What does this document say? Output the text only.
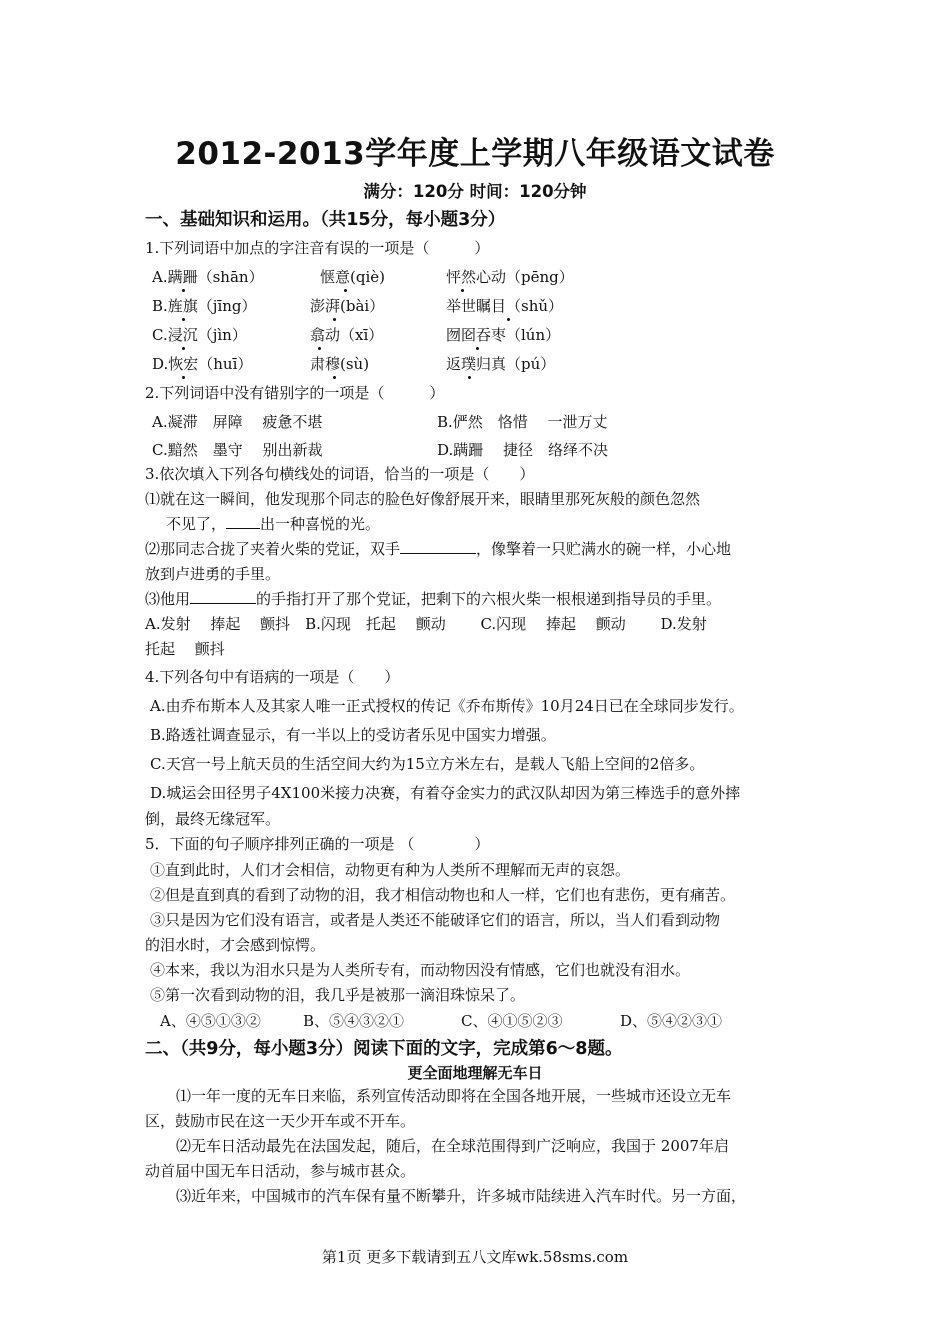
2012-2013学年度上学期八年级语文试卷
满分：120分 时间：120分钟
一、基础知识和运用。（共15分，每小题3分）
1.下列词语中加点的字注音有误的一项是（　　　）
A.蹒跚（shān）	惬意(qiè)	怦然心动（pēng）
B.旌旗（jīng）	澎湃(bài）	举世瞩目（shǔ）
C.浸沉（jìn）	翕动（xī）	囫囵吞枣（lún）
D.恢宏（huī）	肃穆(sù)	返璞归真（pú）
2.下列词语中没有错别字的一项是（　　　）
A.凝滞　屏障　 疲惫不堪	B.俨然　恪惜　 一泄万丈
C.黯然　墨守　 别出新裁	D.蹒跚　 捷径　络绎不决
3.依次填入下列各句横线处的词语，恰当的一项是（　　）
⑴就在这一瞬间，他发现那个同志的脸色好像舒展开来，眼睛里那死灰般的颜色忽然
不见了， 出一种喜悦的光。
⑵那同志合拢了夹着火柴的党证，双手	，像擎着一只贮满水的碗一样，小心地
放到卢进勇的手里。
⑶他用	的手指打开了那个党证，把剩下的六根火柴一根根递到指导员的手里。
A.发射　 捧起　 颤抖　B.闪现　托起　 颤动　　 C.闪现　 捧起　 颤动　　 D.发射
托起　 颤抖
4.下列各句中有语病的一项是（　　）
A.由乔布斯本人及其家人唯一正式授权的传记《乔布斯传》10月24日已在全球同步发行。
B.路透社调查显示，有一半以上的受访者乐见中国实力增强。
C.天宫一号上航天员的生活空间大约为15立方米左右，是载人飞船上空间的2倍多。
D.城运会田径男子4X100米接力决赛，有着夺金实力的武汉队却因为第三棒选手的意外摔
倒，最终无缘冠军。
5．下面的句子顺序排列正确的一项是 （　　　　）
①直到此时，人们才会相信，动物更有种为人类所不理解而无声的哀怨。
②但是直到真的看到了动物的泪，我才相信动物也和人一样，它们也有悲伤，更有痛苦。
③只是因为它们没有语言，或者是人类还不能破译它们的语言，所以，当人们看到动物
的泪水时，才会感到惊愕。
④本来，我以为泪水只是为人类所专有，而动物因没有情感，它们也就没有泪水。
⑤第一次看到动物的泪，我几乎是被那一滴泪珠惊呆了。
A、④⑤①③②	B、⑤④③②①	C、④①⑤②③	D、⑤④②③①
二、（共9分，每小题3分）阅读下面的文字，完成第6～8题。
更全面地理解无车日
⑴一年一度的无车日来临，系列宣传活动即将在全国各地开展，一些城市还设立无车
区，鼓励市民在这一天少开车或不开车。
⑵无车日活动最先在法国发起，随后，在全球范围得到广泛响应，我国于 2007年启
动首届中国无车日活动，参与城市甚众。
⑶近年来，中国城市的汽车保有量不断攀升，许多城市陆续进入汽车时代。另一方面，
第1页 更多下载请到五八文库wk.58sms.com
